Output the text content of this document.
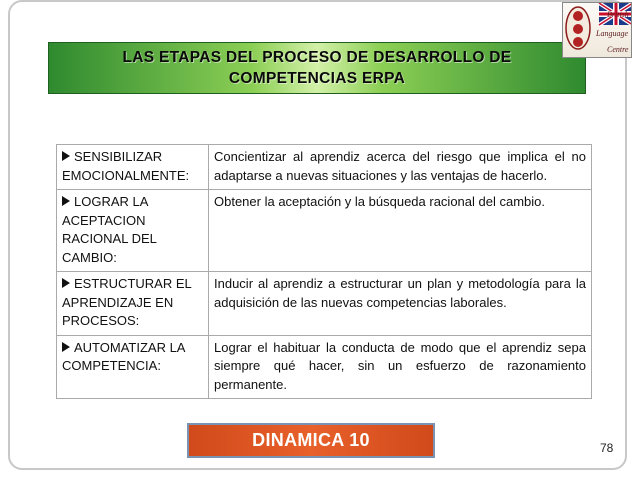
LAS ETAPAS DEL PROCESO DE DESARROLLO DE
COMPETENCIAS ERPA
British
Language
Centre
SENSIBILIZAR EMOCIONALMENTE:	Concientizar al aprendiz acerca del riesgo que implica el no adaptarse a nuevas situaciones y las ventajas de hacerlo.
LOGRAR LA ACEPTACION RACIONAL DEL CAMBIO:	Obtener la aceptación y la búsqueda racional del cambio.
ESTRUCTURAR EL APRENDIZAJE EN PROCESOS:	Inducir al aprendiz a estructurar un plan y metodología para la adquisición de las nuevas competencias laborales.
AUTOMATIZAR LA COMPETENCIA:	Lograr el habituar la conducta de modo que el aprendiz sepa siempre qué hacer, sin un esfuerzo de razonamiento permanente.
DINAMICA 10	78
